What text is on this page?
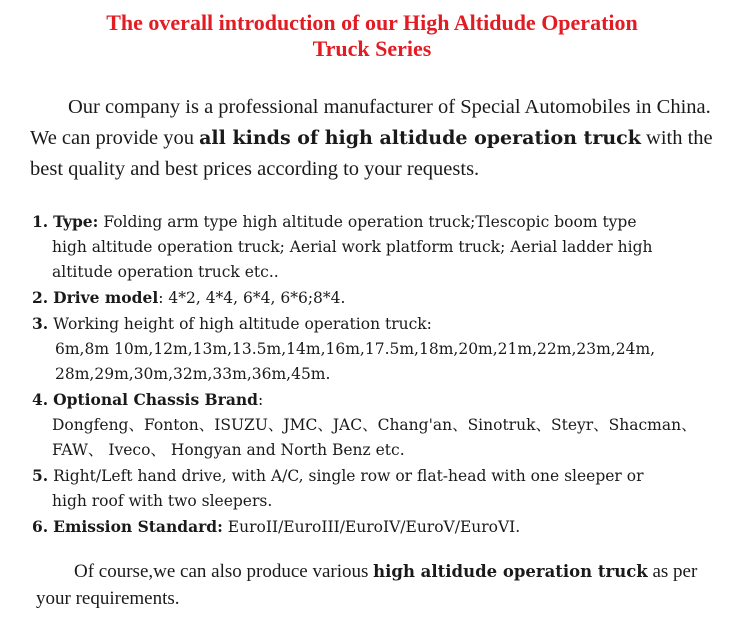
The overall introduction of our High Altidude Operation
Truck Series
Our company is a professional manufacturer of Special Automobiles in China. We can provide you all kinds of high altidude operation truck with the best quality and best prices according to your requests.
1. Type: Folding arm type high altitude operation truck;Tlescopic boom type
high altitude operation truck; Aerial work platform truck; Aerial ladder high
altitude operation truck etc..
2. Drive model: 4*2, 4*4, 6*4, 6*6;8*4.
3. Working height of high altitude operation truck:
6m,8m 10m,12m,13m,13.5m,14m,16m,17.5m,18m,20m,21m,22m,23m,24m,
28m,29m,30m,32m,33m,36m,45m.
4. Optional Chassis Brand:
Dongfeng、Fonton、ISUZU、JMC、JAC、Chang'an、Sinotruk、Steyr、Shacman、
FAW、 Iveco、 Hongyan and North Benz etc.
5. Right/Left hand drive, with A/C, single row or flat-head with one sleeper or
high roof with two sleepers.
6. Emission Standard: EuroII/EuroIII/EuroIV/EuroV/EuroVI.
Of course,we can also produce various high altidude operation truck as per your requirements.
